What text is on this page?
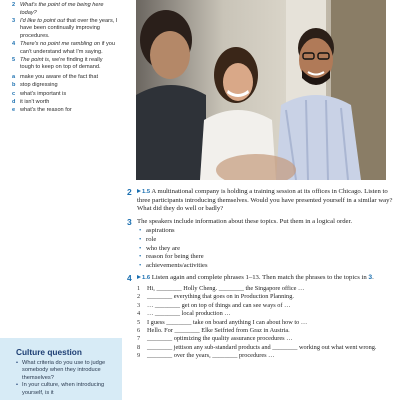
2 What's the point of me being here today?
3 I'd like to point out that over the years, I have been continually improving procedures.
4 There's no point me rambling on if you can't understand what I'm saying.
5 The point is, we're finding it really tough to keep on top of demand.
a make you aware of the fact that
b stop digressing
c what's important is
d it isn't worth
e what's the reason for
Culture question
• What criteria do you use to judge somebody when they introduce themselves?
• In your culture, when introducing yourself, is it
2	1.5 A multinational company is holding a training session at its offices in Chicago. Listen to three participants introducing themselves. Would you have presented yourself in a similar way? What did they do well or badly?
3 The speakers include information about these topics. Put them in a logical order.
• aspirations
• role
• who they are
• reason for being there
• achievements/activities
4	1.6 Listen again and complete phrases 1–13. Then match the phrases to the topics in 3.
1	Hi, ________ Holly Cheng. ________ the Singapore office …
2	________ everything that goes on in Production Planning.
3	… ________ get on top of things and can see ways of …
4	… ________ local production …
5	I guess ________ take on board anything I can about how to …
6	Hello. For ________ Elke Seifried from Graz in Austria.
7	________ optimizing the quality assurance procedures …
8	________ jettison any sub-standard products and ________ working out what went wrong.
9	________ over the years, ________ procedures …
